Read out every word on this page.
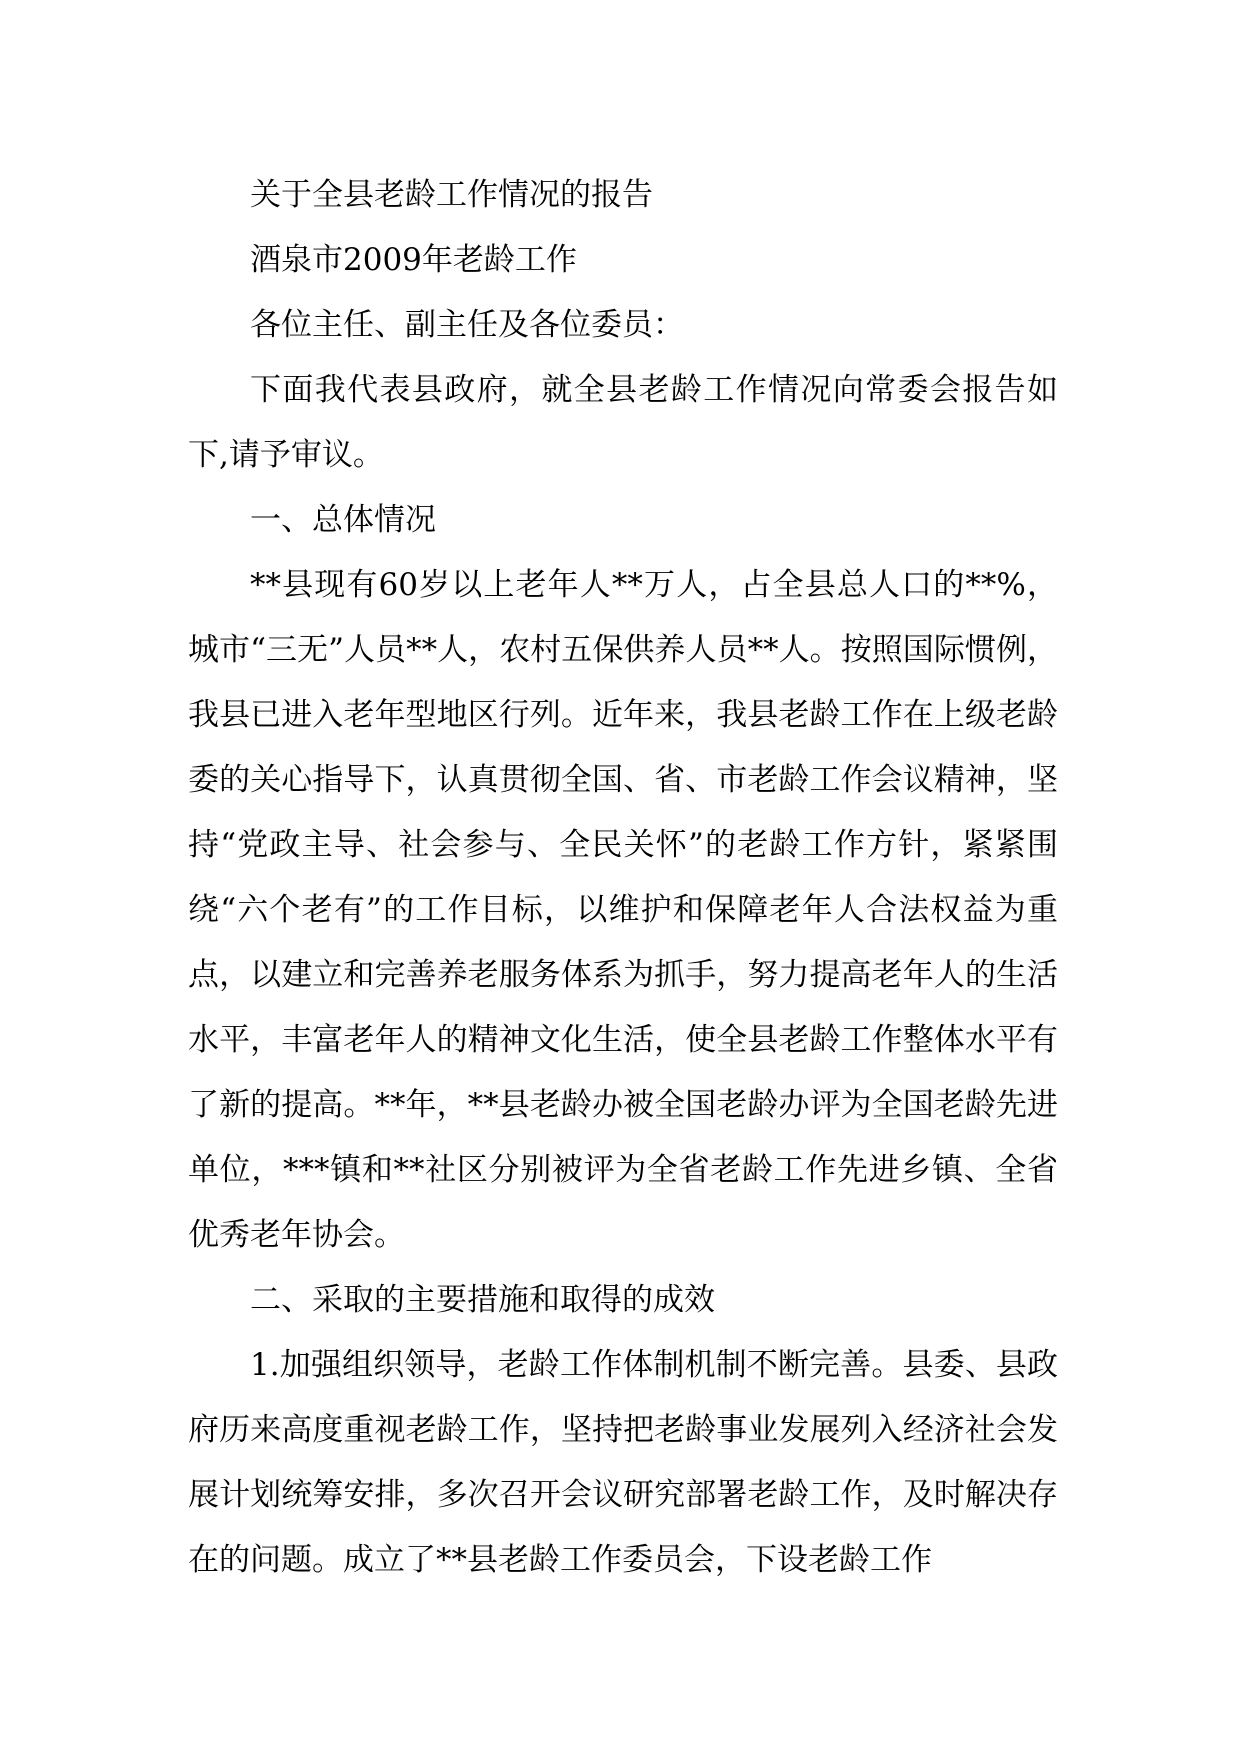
关于全县老龄工作情况的报告

酒泉市2009年老龄工作

各位主任、副主任及各位委员：

下面我代表县政府，就全县老龄工作情况向常委会报告如下,请予审议。

一、总体情况

**县现有60岁以上老年人**万人，占全县总人口的**%，城市“三无”人员**人，农村五保供养人员**人。按照国际惯例，我县已进入老年型地区行列。近年来，我县老龄工作在上级老龄委的关心指导下，认真贯彻全国、省、市老龄工作会议精神，坚持“党政主导、社会参与、全民关怀”的老龄工作方针，紧紧围绕“六个老有”的工作目标，以维护和保障老年人合法权益为重点，以建立和完善养老服务体系为抓手，努力提高老年人的生活水平，丰富老年人的精神文化生活，使全县老龄工作整体水平有了新的提高。**年，**县老龄办被全国老龄办评为全国老龄先进单位，***镇和**社区分别被评为全省老龄工作先进乡镇、全省优秀老年协会。

二、采取的主要措施和取得的成效

1.加强组织领导，老龄工作体制机制不断完善。县委、县政府历来高度重视老龄工作，坚持把老龄事业发展列入经济社会发展计划统筹安排，多次召开会议研究部署老龄工作，及时解决存在的问题。成立了**县老龄工作委员会，下设老龄工作
